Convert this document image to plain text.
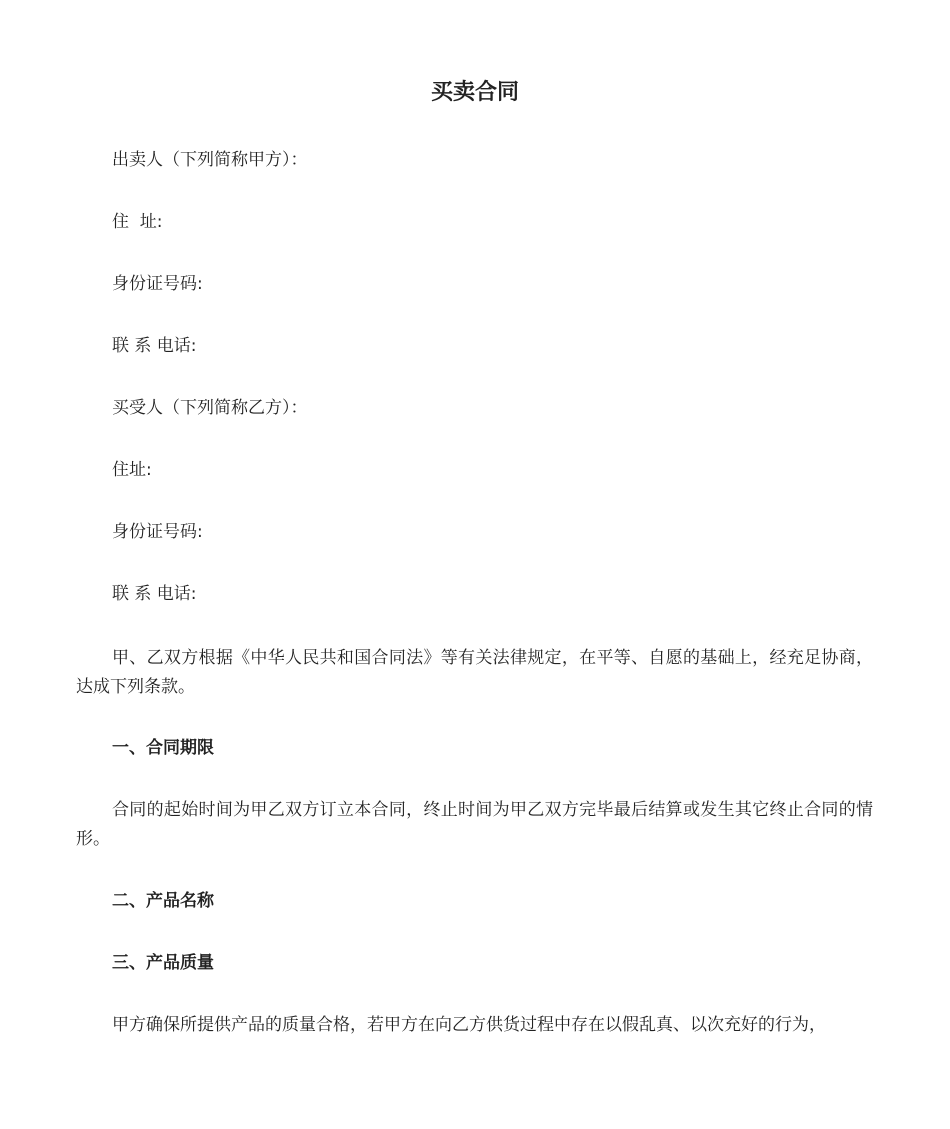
买卖合同

出卖人（下列简称甲方）：

住  址:

身份证号码:

联 系 电话:

买受人（下列简称乙方）：

住址:

身份证号码:

联 系 电话:

甲、乙双方根据《中华人民共和国合同法》等有关法律规定，在平等、自愿的基础上，经充足协商，达成下列条款。

一、合同期限

合同的起始时间为甲乙双方订立本合同，终止时间为甲乙双方完毕最后结算或发生其它终止合同的情形。

二、产品名称

三、产品质量

甲方确保所提供产品的质量合格，若甲方在向乙方供货过程中存在以假乱真、以次充好的行为，
